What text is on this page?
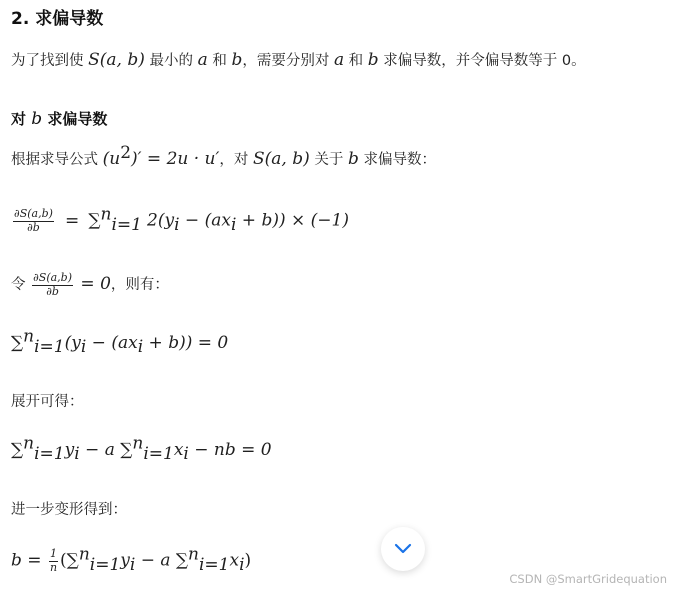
2. 求偏导数
为了找到使 S(a, b) 最小的 a 和 b，需要分别对 a 和 b 求偏导数，并令偏导数等于 0。
对 b 求偏导数
根据求导公式 $(u^2)' = 2u \cdot u'$，对 S(a, b) 关于 b 求偏导数：
$\frac{\partial S(a,b)}{\partial b} = \sum^n_{i=1}$ $2(y_i - (ax_i + b)) \times (-1)$
令 $\frac{\partial S(a,b)}{\partial b} = 0$，则有：
$\sum^n_{i=1}(y_i - (ax_i + b)) = 0$
展开可得：
$\sum^n_{i=1}y_i - a$ $\sum^n_{i=1}x_i$ − nb = 0
进一步变形得到：
$b = \frac{1}{n} (\sum^n_{i=1}y_i - a$ $\sum^n_{i=1}x_i$)
CSDN @SmartGridequation
